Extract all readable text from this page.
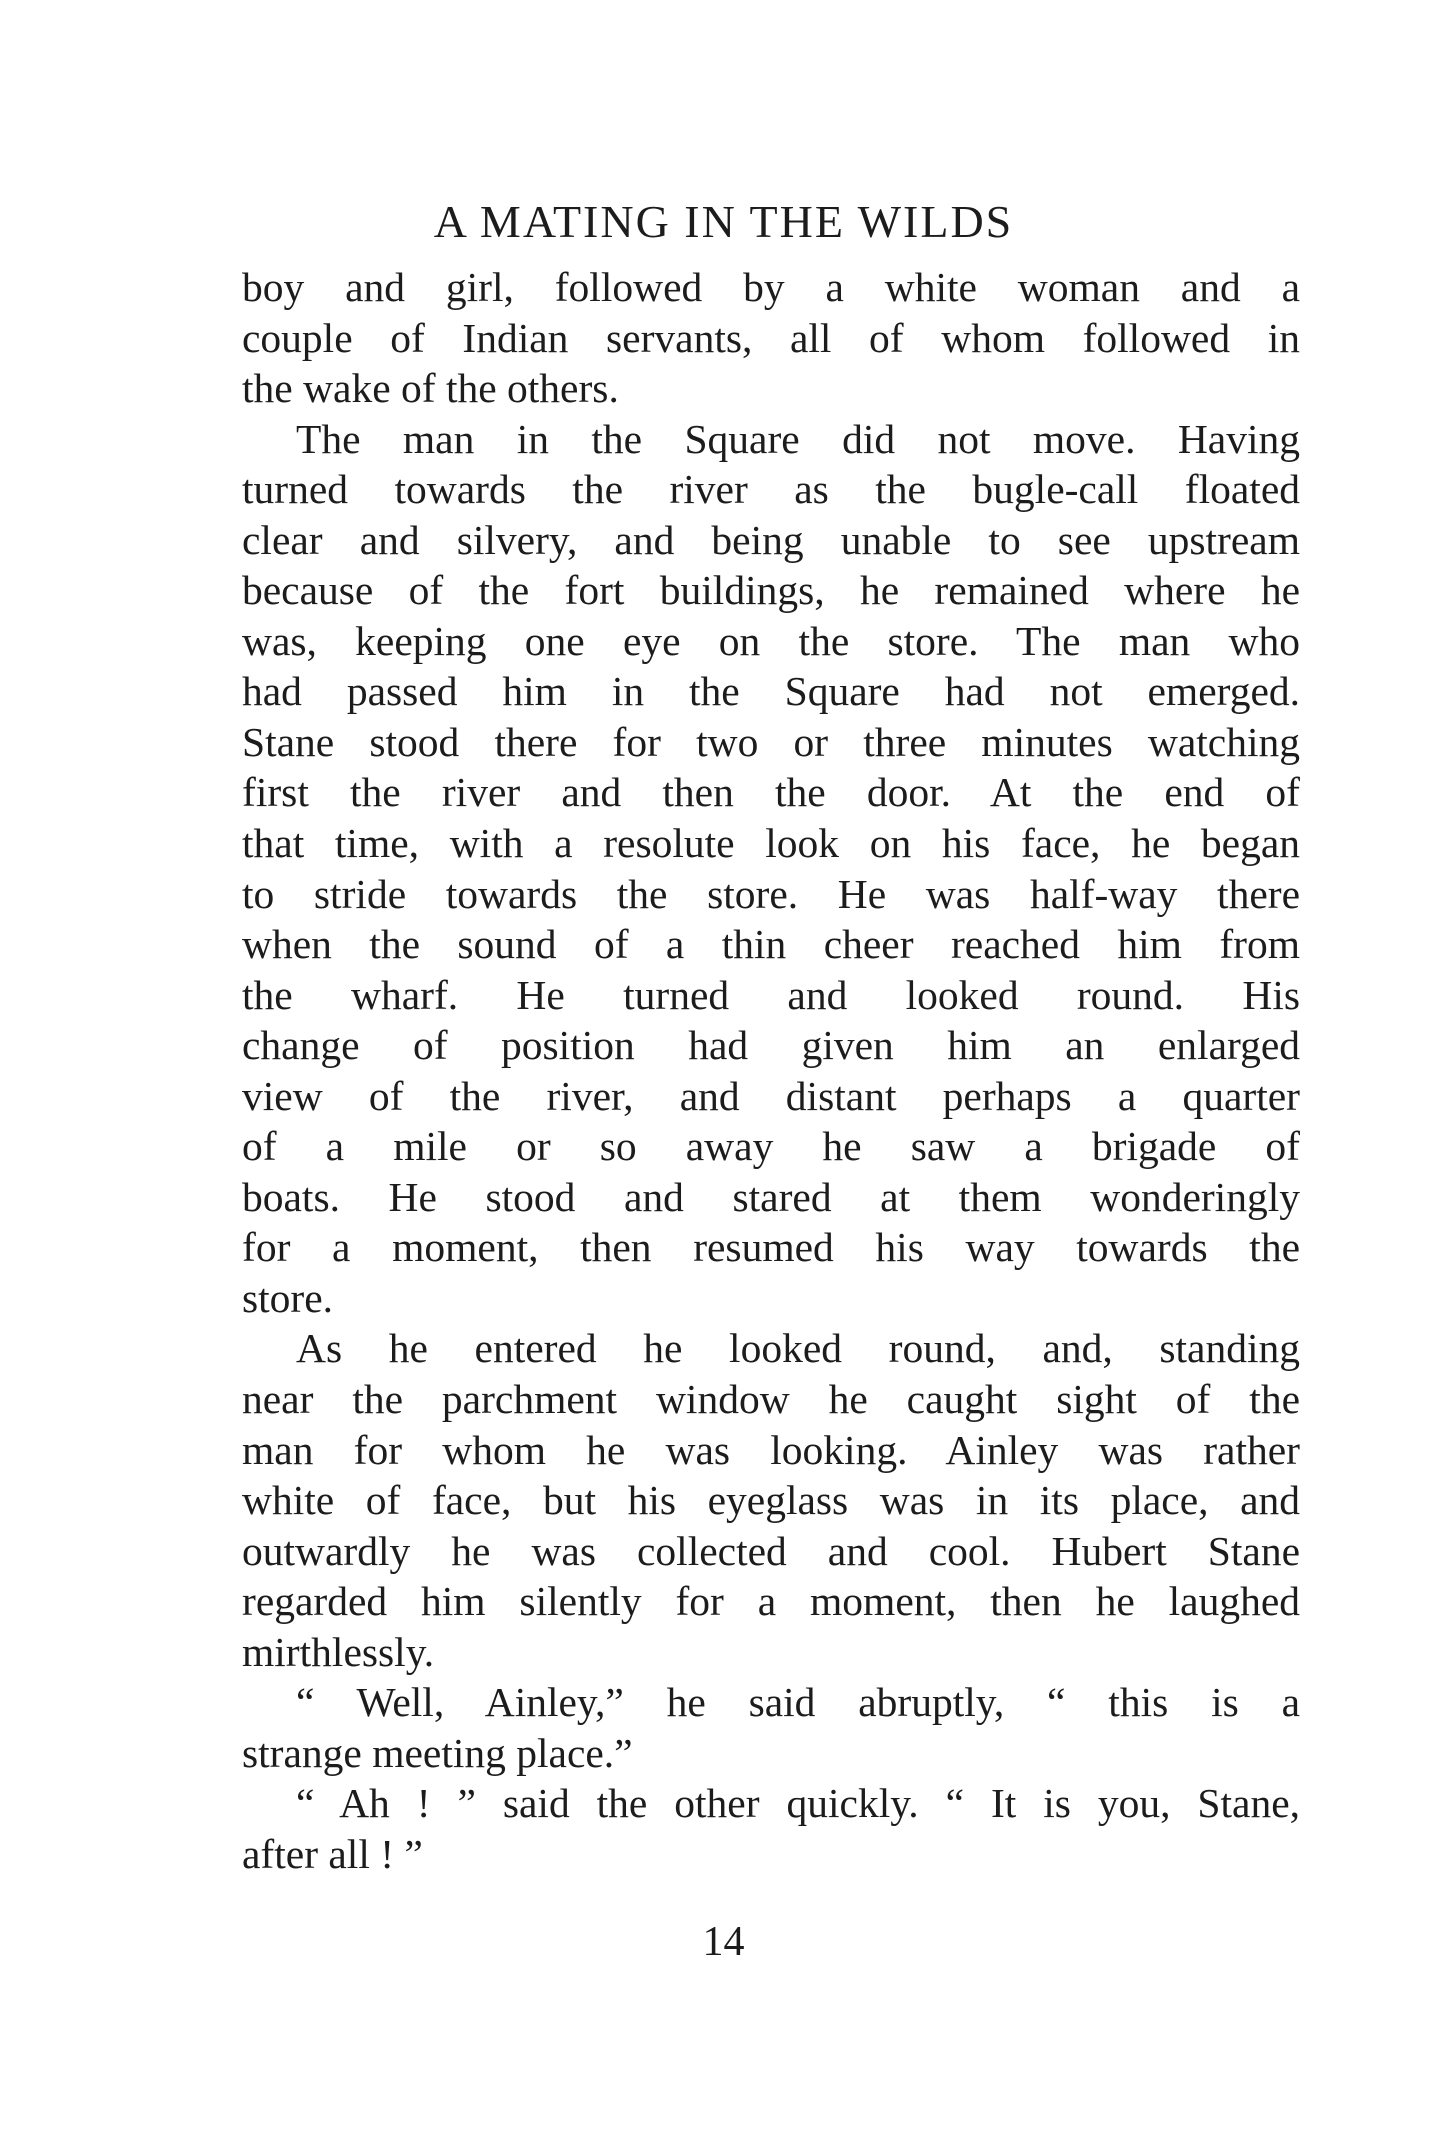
A MATING IN THE WILDS
boy and girl, followed by a white woman and a
couple of Indian servants, all of whom followed in
the wake of the others.
The man in the Square did not move. Having
turned towards the river as the bugle-call floated
clear and silvery, and being unable to see upstream
because of the fort buildings, he remained where he
was, keeping one eye on the store. The man who
had passed him in the Square had not emerged.
Stane stood there for two or three minutes watching
first the river and then the door. At the end of
that time, with a resolute look on his face, he began
to stride towards the store. He was half-way there
when the sound of a thin cheer reached him from
the wharf. He turned and looked round. His
change of position had given him an enlarged
view of the river, and distant perhaps a quarter
of a mile or so away he saw a brigade of
boats. He stood and stared at them wonderingly
for a moment, then resumed his way towards the
store.
As he entered he looked round, and, standing
near the parchment window he caught sight of the
man for whom he was looking. Ainley was rather
white of face, but his eyeglass was in its place, and
outwardly he was collected and cool. Hubert Stane
regarded him silently for a moment, then he laughed
mirthlessly.
“ Well, Ainley,” he said abruptly, “ this is a
strange meeting place.”
“ Ah ! ” said the other quickly. “ It is you, Stane,
after all ! ”
14
